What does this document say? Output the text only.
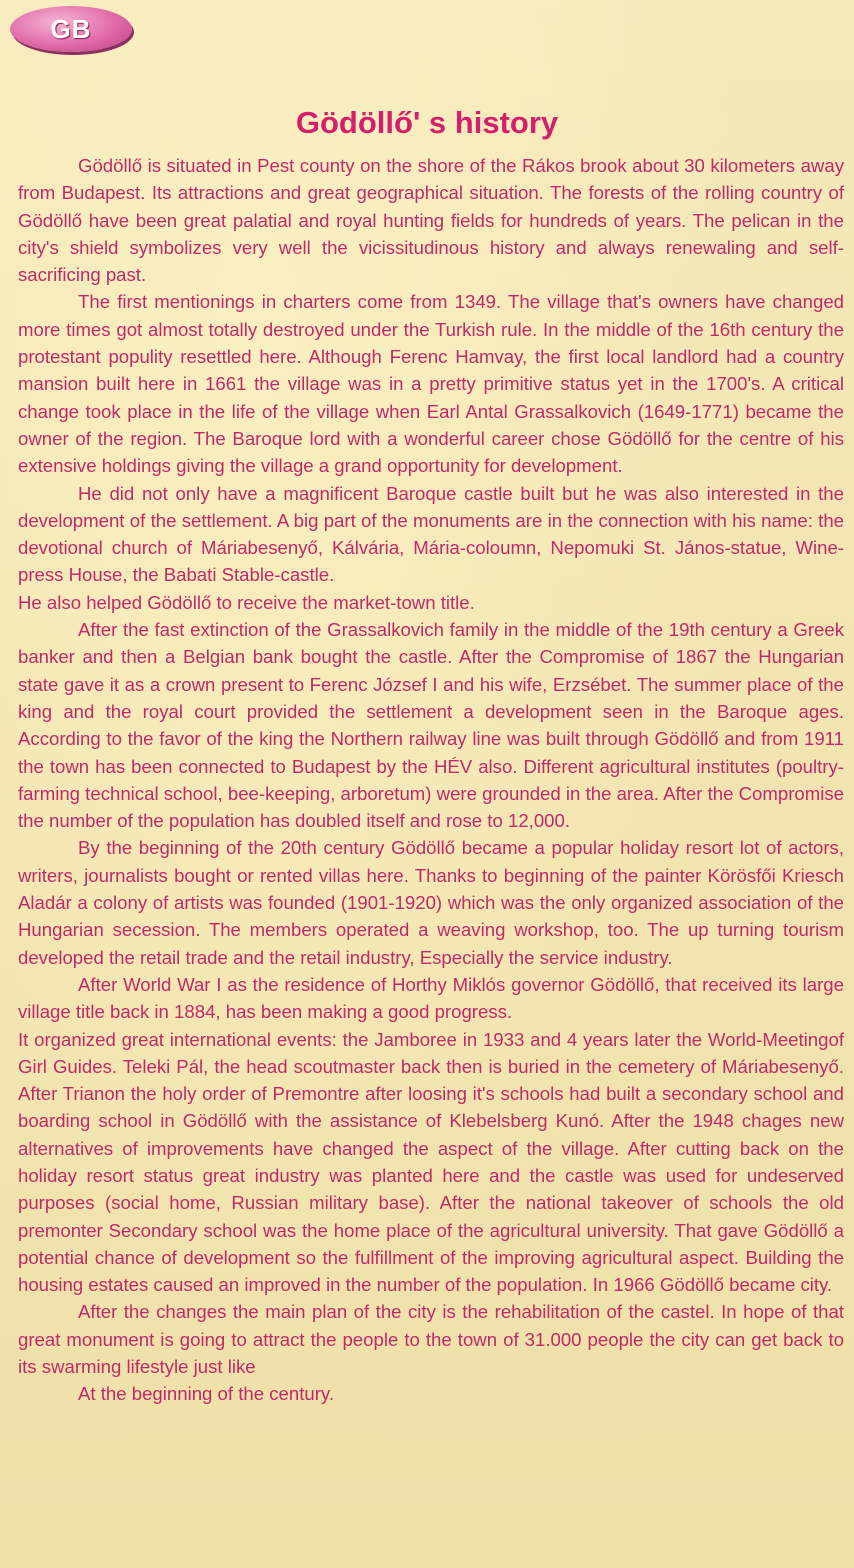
GB
Gödöllő' s history

Gödöllő is situated in Pest county on the shore of the Rákos brook about 30 kilometers away from Budapest. Its attractions and great geographical situation. The forests of the rolling country of Gödöllő have been great palatial and royal hunting fields for hundreds of years. The pelican in the city's shield symbolizes very well the vicissitudinous history and always renewaling and self-sacrificing past.

The first mentionings in charters come from 1349. The village that's owners have changed more times got almost totally destroyed under the Turkish rule. In the middle of the 16th century the protestant populity resettled here. Although Ferenc Hamvay, the first local landlord had a country mansion built here in 1661 the village was in a pretty primitive status yet in the 1700's. A critical change took place in the life of the village when Earl Antal Grassalkovich (1649-1771) became the owner of the region. The Baroque lord with a wonderful career chose Gödöllő for the centre of his extensive holdings giving the village a grand opportunity for development.

He did not only have a magnificent Baroque castle built but he was also interested in the development of the settlement. A big part of the monuments are in the connection with his name: the devotional church of Máriabesenyő, Kálvária, Mária-coloumn, Nepomuki St. János-statue, Wine-press House, the Babati Stable-castle.

He also helped Gödöllő to receive the market-town title.

After the fast extinction of the Grassalkovich family in the middle of the 19th century a Greek banker and then a Belgian bank bought the castle. After the Compromise of 1867 the Hungarian state gave it as a crown present to Ferenc József I and his wife, Erzsébet. The summer place of the king and the royal court provided the settlement a development seen in the Baroque ages. According to the favor of the king the Northern railway line was built through Gödöllő and from 1911 the town has been connected to Budapest by the HÉV also. Different agricultural institutes (poultry-farming technical school, bee-keeping, arboretum) were grounded in the area. After the Compromise the number of the population has doubled itself and rose to 12,000.

By the beginning of the 20th century Gödöllő became a popular holiday resort lot of actors, writers, journalists bought or rented villas here. Thanks to beginning of the painter Körösfői Kriesch Aladár a colony of artists was founded (1901-1920) which was the only organized association of the Hungarian secession. The members operated a weaving workshop, too. The up turning tourism developed the retail trade and the retail industry, Especially the service industry.

After World War I as the residence of Horthy Miklós governor Gödöllő, that received its large village title back in 1884, has been making a good progress.

It organized great international events: the Jamboree in 1933 and 4 years later the World-Meetingof Girl Guides. Teleki Pál, the head scoutmaster back then is buried in the cemetery of Máriabesenyő. After Trianon the holy order of Premontre after loosing it's schools had built a secondary school and boarding school in Gödöllő with the assistance of Klebelsberg Kunó. After the 1948 chages new alternatives of improvements have changed the aspect of the village. After cutting back on the holiday resort status great industry was planted here and the castle was used for undeserved purposes (social home, Russian military base). After the national takeover of schools the old premonter Secondary school was the home place of the agricultural university. That gave Gödöllő a potential chance of development so the fulfillment of the improving agricultural aspect. Building the housing estates caused an improved in the number of the population. In 1966 Gödöllő became city.

After the changes the main plan of the city is the rehabilitation of the castel. In hope of that great monument is going to attract the people to the town of 31.000 people the city can get back to its swarming lifestyle just like

At the beginning of the century.
